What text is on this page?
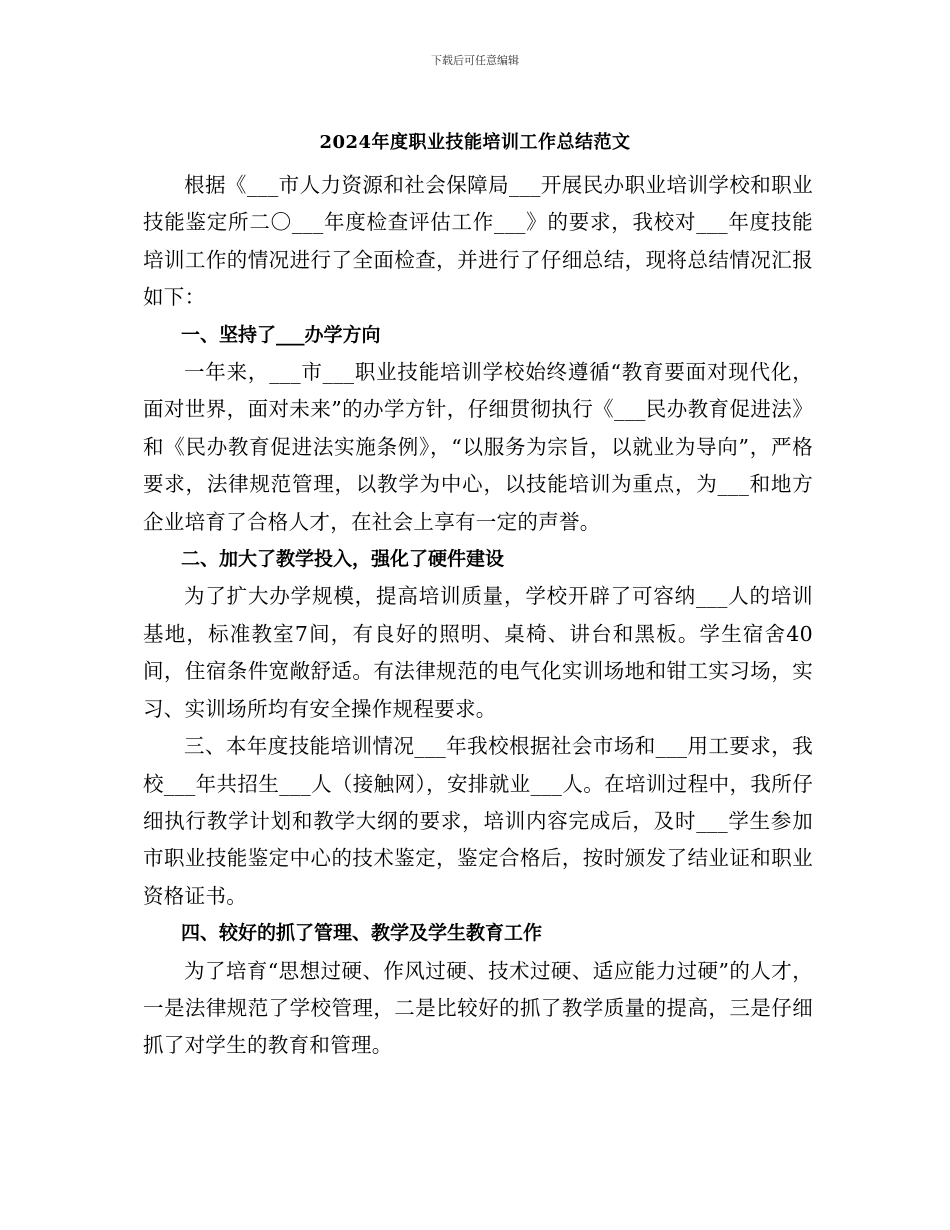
下载后可任意编辑
2024年度职业技能培训工作总结范文

根据《___市人力资源和社会保障局___开展民办职业培训学校和职业技能鉴定所二〇___年度检查评估工作___》的要求，我校对___年度技能培训工作的情况进行了全面检查，并进行了仔细总结，现将总结情况汇报如下：

一、坚持了___办学方向

一年来，___市___职业技能培训学校始终遵循“教育要面对现代化，面对世界，面对未来”的办学方针，仔细贯彻执行《___民办教育促进法》和《民办教育促进法实施条例》，“以服务为宗旨，以就业为导向”，严格要求，法律规范管理，以教学为中心，以技能培训为重点，为___和地方企业培育了合格人才，在社会上享有一定的声誉。

二、加大了教学投入，强化了硬件建设

为了扩大办学规模，提高培训质量，学校开辟了可容纳___人的培训基地，标准教室7间，有良好的照明、桌椅、讲台和黑板。学生宿舍40间，住宿条件宽敞舒适。有法律规范的电气化实训场地和钳工实习场，实习、实训场所均有安全操作规程要求。

三、本年度技能培训情况___年我校根据社会市场和___用工要求，我校___年共招生___人（接触网），安排就业___人。在培训过程中，我所仔细执行教学计划和教学大纲的要求，培训内容完成后，及时___学生参加市职业技能鉴定中心的技术鉴定，鉴定合格后，按时颁发了结业证和职业资格证书。

四、较好的抓了管理、教学及学生教育工作

为了培育“思想过硬、作风过硬、技术过硬、适应能力过硬”的人才，一是法律规范了学校管理，二是比较好的抓了教学质量的提高，三是仔细抓了对学生的教育和管理。
